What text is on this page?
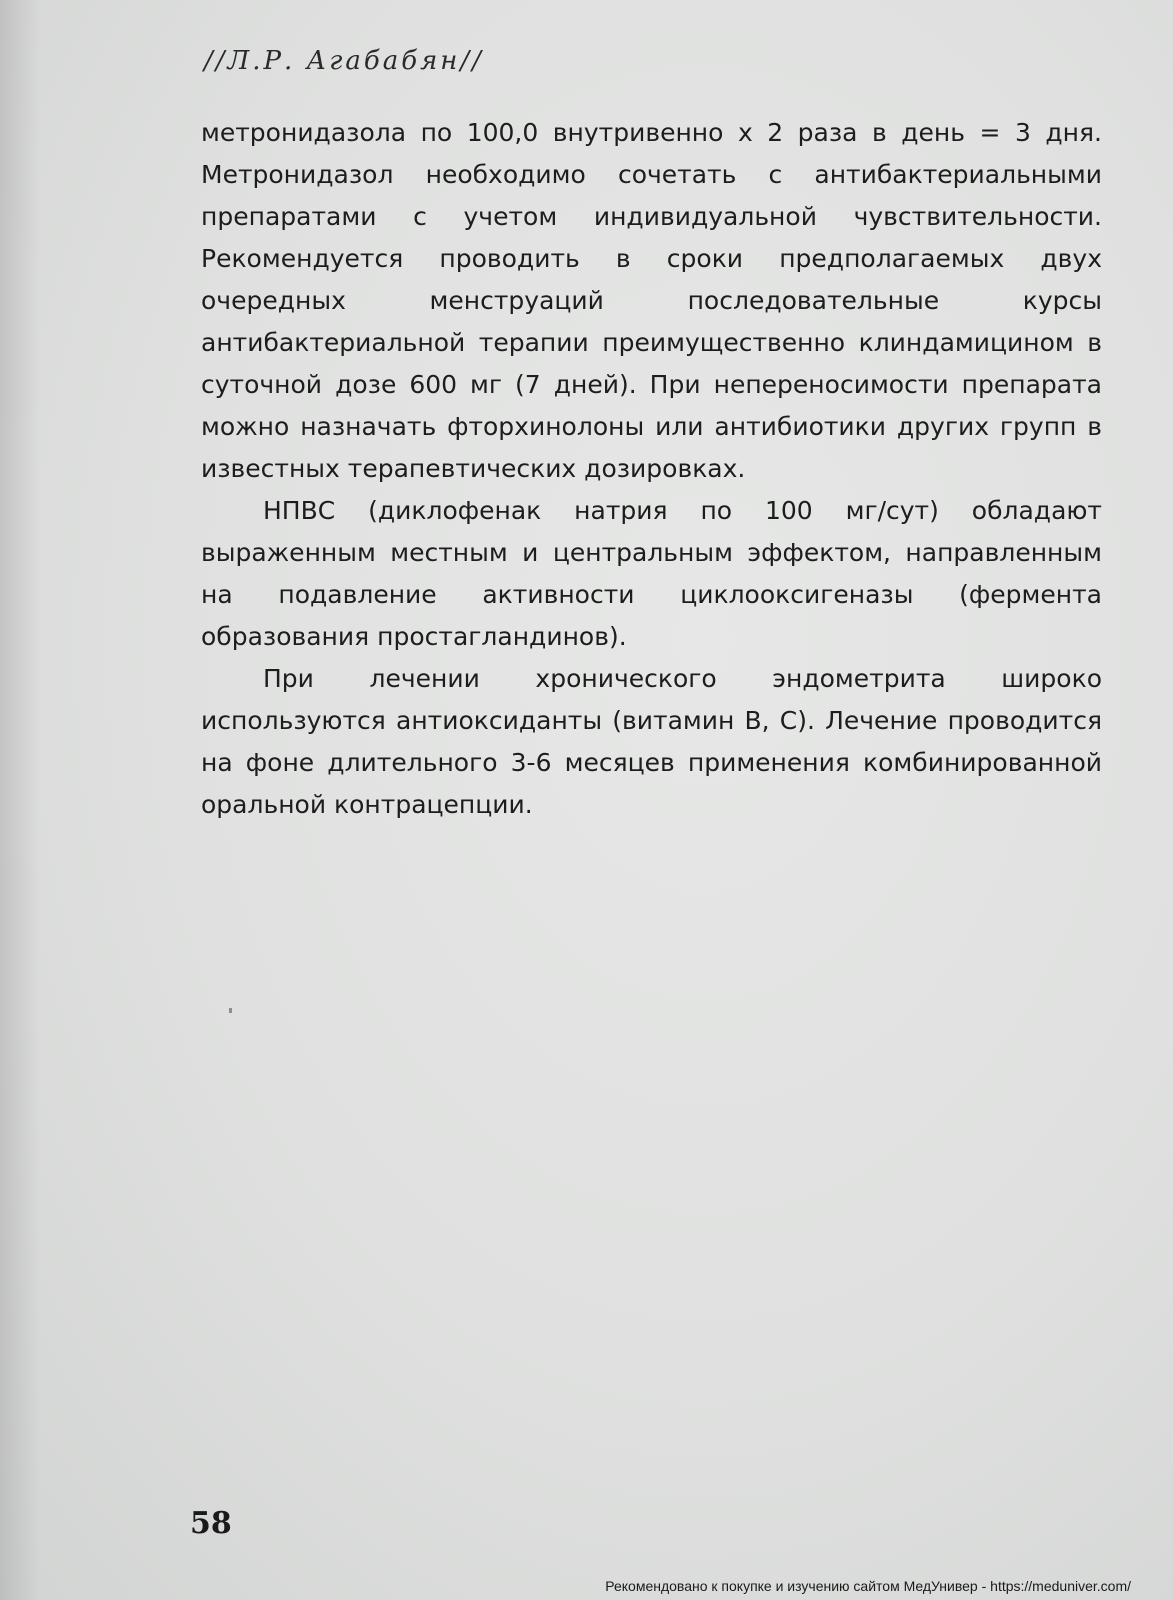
//Л.Р. Агабабян//

метронидазола по 100,0 внутривенно х 2 раза в день = 3 дня. Метронидазол необходимо сочетать с антибактериальными препаратами с учетом индивидуальной чувствительности. Рекомендуется проводить в сроки предполагаемых двух очередных менструаций последовательные курсы антибактериальной терапии преимущественно клиндамицином в суточной дозе 600 мг (7 дней). При непереносимости препарата можно назначать фторхинолоны или антибиотики других групп в известных терапевтических дозировках.

НПВС (диклофенак натрия по 100 мг/сут) обладают выраженным местным и центральным эффектом, направленным на подавление активности циклооксигеназы (фермента образования простагландинов).

При лечении хронического эндометрита широко используются антиоксиданты (витамин В, С). Лечение проводится на фоне длительного 3-6 месяцев применения комбинированной оральной контрацепции.

58
Рекомендовано к покупке и изучению сайтом МедУнивер - https://meduniver.com/
